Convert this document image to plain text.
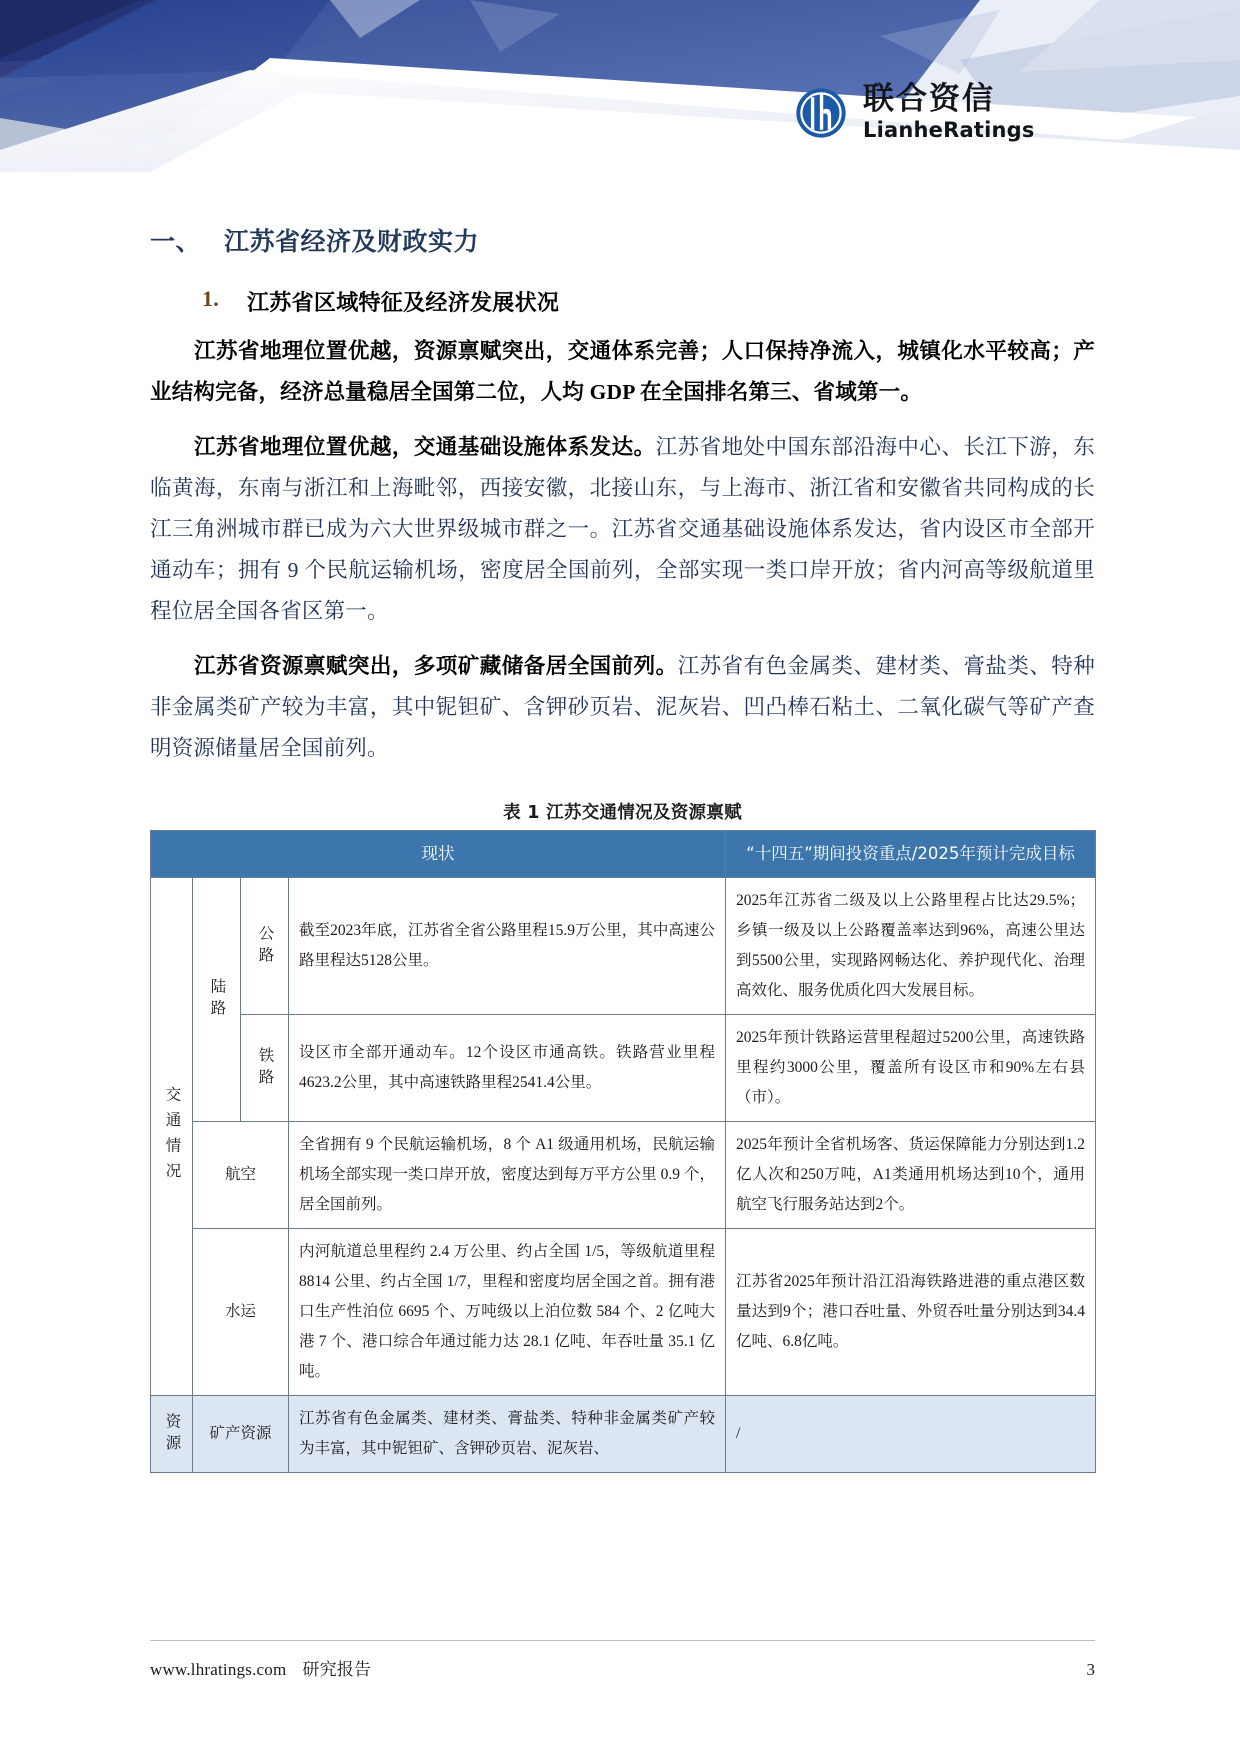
联合资信
LianheRatings
一、 江苏省经济及财政实力
1.	江苏省区域特征及经济发展状况

江苏省地理位置优越，资源禀赋突出，交通体系完善；人口保持净流入，城镇化水平较高；产业结构完备，经济总量稳居全国第二位，人均 GDP 在全国排名第三、省域第一。

江苏省地理位置优越，交通基础设施体系发达。江苏省地处中国东部沿海中心、长江下游，东临黄海，东南与浙江和上海毗邻，西接安徽，北接山东，与上海市、浙江省和安徽省共同构成的长江三角洲城市群已成为六大世界级城市群之一。江苏省交通基础设施体系发达，省内设区市全部开通动车；拥有 9 个民航运输机场，密度居全国前列，全部实现一类口岸开放；省内河高等级航道里程位居全国各省区第一。

江苏省资源禀赋突出，多项矿藏储备居全国前列。江苏省有色金属类、建材类、膏盐类、特种非金属类矿产较为丰富，其中铌钽矿、含钾砂页岩、泥灰岩、凹凸棒石粘土、二氧化碳气等矿产查明资源储量居全国前列。

表 1 江苏交通情况及资源禀赋
现状				“十四五”期间投资重点/2025年预计完成目标
交通情况	陆路	公路	截至2023年底，江苏省全省公路里程15.9万公里，其中高速公路里程达5128公里。	2025年江苏省二级及以上公路里程占比达29.5%；乡镇一级及以上公路覆盖率达到96%，高速公里达到5500公里，实现路网畅达化、养护现代化、治理高效化、服务优质化四大发展目标。
		铁路	设区市全部开通动车。12个设区市通高铁。铁路营业里程4623.2公里，其中高速铁路里程2541.4公里。	2025年预计铁路运营里程超过5200公里，高速铁路里程约3000公里，覆盖所有设区市和90%左右县（市）。
	航空		全省拥有 9 个民航运输机场，8 个 A1 级通用机场，民航运输机场全部实现一类口岸开放，密度达到每万平方公里 0.9 个，居全国前列。	2025年预计全省机场客、货运保障能力分别达到1.2亿人次和250万吨，A1类通用机场达到10个，通用航空飞行服务站达到2个。
	水运		内河航道总里程约 2.4 万公里、约占全国 1/5，等级航道里程 8814 公里、约占全国 1/7，里程和密度均居全国之首。拥有港口生产性泊位 6695 个、万吨级以上泊位数 584 个、2 亿吨大港 7 个、港口综合年通过能力达 28.1 亿吨、年吞吐量 35.1 亿吨。	江苏省2025年预计沿江沿海铁路进港的重点港区数量达到9个；港口吞吐量、外贸吞吐量分别达到34.4亿吨、6.8亿吨。
资源	矿产资源		江苏省有色金属类、建材类、膏盐类、特种非金属类矿产较为丰富，其中铌钽矿、含钾砂页岩、泥灰岩、	/
www.lhratings.com 研究报告	3
